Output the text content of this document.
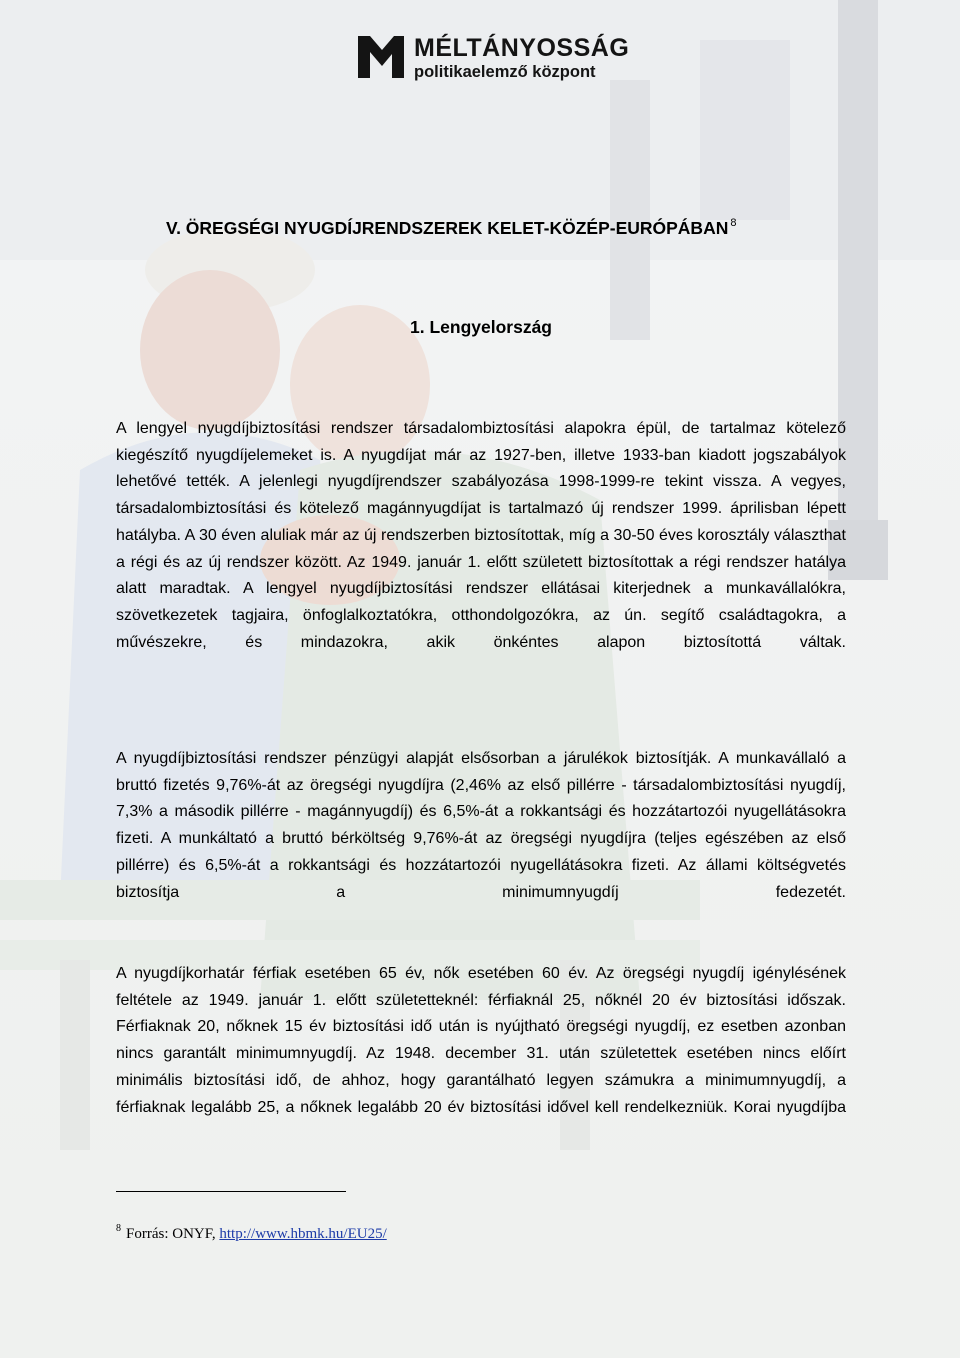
MÉLTÁNYOSSÁG
politikaelemző központ
V. ÖREGSÉGI NYUGDÍJRENDSZEREK KELET-KÖZÉP-EURÓPÁBAN $^8$
1. Lengyelország

A lengyel nyugdíjbiztosítási rendszer társadalombiztosítási alapokra épül, de tartalmaz kötelező kiegészítő nyugdíjelemeket is. A nyugdíjat már az 1927-ben, illetve 1933-ban kiadott jogszabályok lehetővé tették. A jelenlegi nyugdíjrendszer szabályozása 1998-1999-re tekint vissza. A vegyes, társadalombiztosítási és kötelező magánnyugdíjat is tartalmazó új rendszer 1999. áprilisban lépett hatályba. A 30 éven aluliak már az új rendszerben biztosítottak, míg a 30-50 éves korosztály választhat a régi és az új rendszer között. Az 1949. január 1. előtt született biztosítottak a régi rendszer hatálya alatt maradtak. A lengyel nyugdíjbiztosítási rendszer ellátásai kiterjednek a munkavállalókra, szövetkezetek tagjaira, önfoglalkoztatókra, otthondolgozókra, az ún. segítő családtagokra, a művészekre, és mindazokra, akik önkéntes alapon biztosítottá váltak.

A nyugdíjbiztosítási rendszer pénzügyi alapját elsősorban a járulékok biztosítják. A munkavállaló a bruttó fizetés 9,76%-át az öregségi nyugdíjra (2,46% az első pillérre - társadalombiztosítási nyugdíj, 7,3% a második pillérre - magánnyugdíj) és 6,5%-át a rokkantsági és hozzátartozói nyugellátásokra fizeti. A munkáltató a bruttó bérköltség 9,76%-át az öregségi nyugdíjra (teljes egészében az első pillérre) és 6,5%-át a rokkantsági és hozzátartozói nyugellátásokra fizeti. Az állami költségvetés biztosítja a minimumnyugdíj fedezetét.

A nyugdíjkorhatár férfiak esetében 65 év, nők esetében 60 év. Az öregségi nyugdíj igénylésének feltétele az 1949. január 1. előtt születetteknél: férfiaknál 25, nőknél 20 év biztosítási időszak. Férfiaknak 20, nőknek 15 év biztosítási idő után is nyújtható öregségi nyugdíj, ez esetben azonban nincs garantált minimumnyugdíj. Az 1948. december 31. után születettek esetében nincs előírt minimális biztosítási idő, de ahhoz, hogy garantálható legyen számukra a minimumnyugdíj, a férfiaknak legalább 25, a nőknek legalább 20 év biztosítási idővel kell rendelkezniük. Korai nyugdíjba

$^8$ Forrás: ONYF, http://www.hbmk.hu/EU25/
